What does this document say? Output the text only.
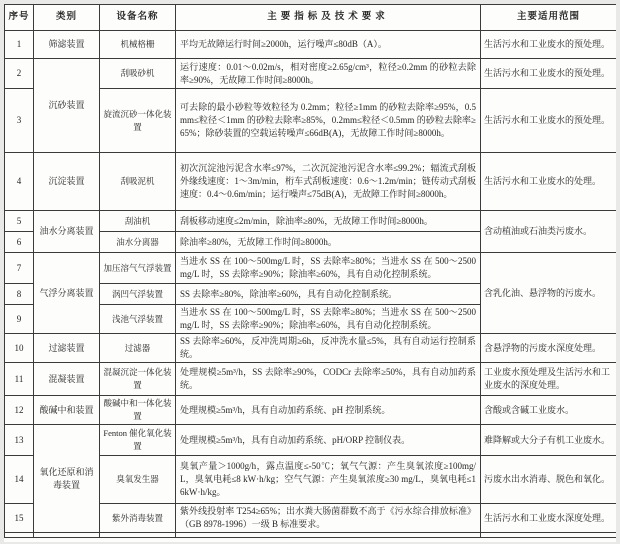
序号	类别	设备名称	主要指标及技术要求	主要适用范围
1	筛滤装置	机械格栅	平均无故障运行时间≥2000h，运行噪声≤80dB（A）。	生活污水和工业废水的预处理。
2	沉砂装置	刮吸砂机	运行速度：0.01～0.02m/s，相对密度≥2.65g/cm³，粒径≥0.2mm 的砂粒去除率≥90%，无故障工作时间≥8000h。	生活污水和工业废水的预处理。
3		旋流沉砂一体化装置	可去除的最小砂粒等效粒径为 0.2mm；粒径≥1mm 的砂粒去除率≥95%，0.5mm≤粒径＜1mm 的砂粒去除率≥85%，0.2mm≤粒径＜0.5mm 的砂粒去除率≥65%；除砂装置的空载运转噪声≤66dB(A)，无故障工作时间≥8000h。	生活污水和工业废水的预处理。
4	沉淀装置	刮吸泥机	初次沉淀池污泥含水率≤97%，二次沉淀池污泥含水率≤99.2%；辐流式刮板外缘线速度：1～3m/min，桁车式刮板速度：0.6～1.2m/min；链传动式刮板速度：0.4～0.6m/min；运行噪声≤75dB(A)，无故障工作时间≥8000h。	生活污水和工业废水的处理。
5	油水分离装置	刮油机	刮板移动速度≤2m/min，除油率≥80%，无故障工作时间≥8000h。	含动植油或石油类污废水。
6		油水分离器	除油率≥80%，无故障工作时间≥8000h。	
7	气浮分离装置	加压溶气气浮装置	当进水 SS 在 100～500mg/L 时，SS 去除率≥80%；当进水 SS 在 500～2500mg/L 时，SS 去除率≥90%；除油率≥60%，具有自动化控制系统。	含乳化油、悬浮物的污废水。
8		涡凹气浮装置	SS 去除率≥80%，除油率≥60%，具有自动化控制系统。	
9		浅池气浮装置	当进水 SS 在 100～500mg/L 时，SS 去除率≥80%；当进水 SS 在 500～2500mg/L 时，SS 去除率≥90%；除油率≥60%，具有自动化控制系统。	
10	过滤装置	过滤器	SS 去除率≥60%，反冲洗周期≥6h，反冲洗水量≤5%，具有自动运行控制系统。	含悬浮物的污废水深度处理。
11	混凝装置	混凝沉淀一体化装置	处理规模≥5m³/h，SS 去除率≥90%，CODCr 去除率≥50%，具有自动加药系统。	工业废水预处理及生活污水和工业废水的深度处理。
12	酸碱中和装置	酸碱中和一体化装置	处理规模≥5m³/h，具有自动加药系统、pH 控制系统。	含酸或含碱工业废水。
13	氧化还原和消毒装置	Fenton 催化氧化装置	处理规模≥5m³/h，具有自动加药系统、pH/ORP 控制仪表。	难降解或大分子有机工业废水。
14		臭氧发生器	臭氧产量＞1000g/h，露点温度≤-50℃；氧气气源：产生臭氧浓度≥100mg/L，臭氧电耗≤8 kW·h/kg；空气气源：产生臭氧浓度≥30 mg/L，臭氧电耗≤16kW·h/kg。	污废水出水消毒、脱色和氧化。
15		紫外消毒装置	紫外线投射率 T254≥65%；出水粪大肠菌群数不高于《污水综合排放标准》（GB 8978-1996）一级 B 标准要求。	生活污水和工业废水深度处理。
